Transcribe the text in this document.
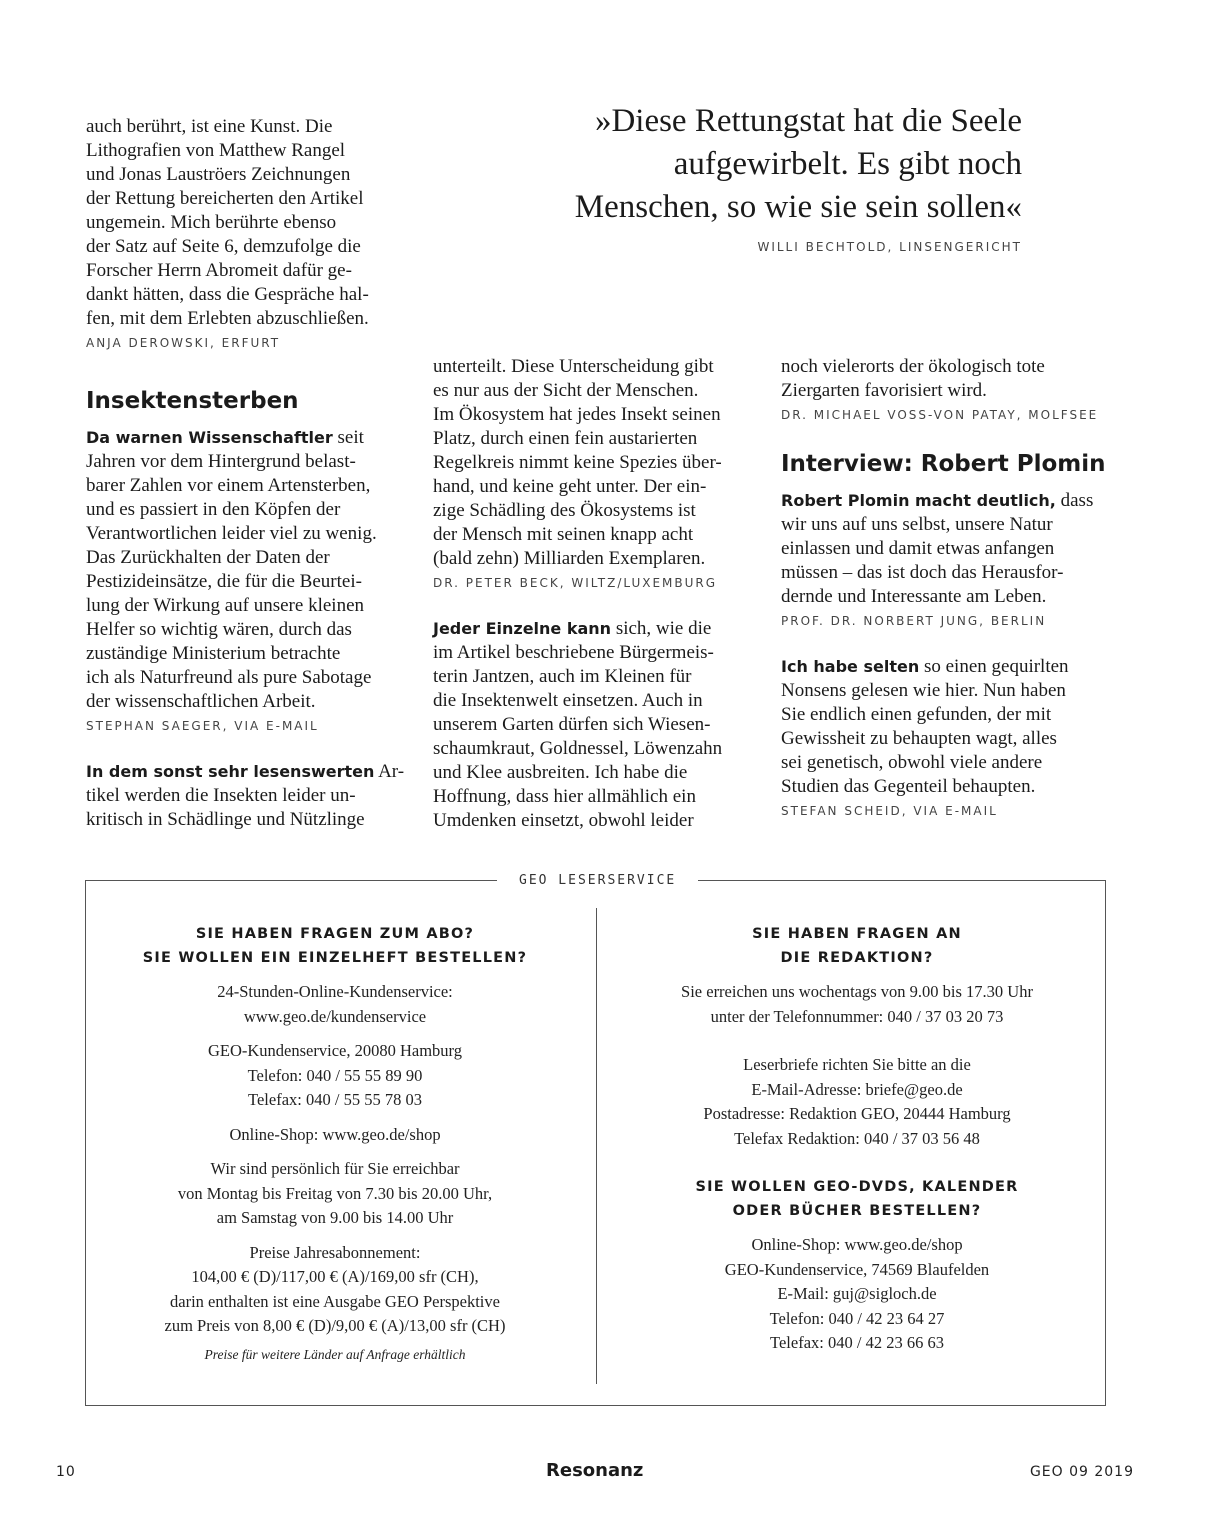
auch berührt, ist eine Kunst. Die
Lithografien von Matthew Rangel
und Jonas Lauströers Zeichnungen
der Rettung bereicherten den Artikel
ungemein. Mich berührte ebenso
der Satz auf Seite 6, demzufolge die
Forscher Herrn Abromeit dafür ge-
dankt hätten, dass die Gespräche hal-
fen, mit dem Erlebten abzuschließen.
ANJA DEROWSKI, ERFURT
»Diese Rettungstat hat die Seele
aufgewirbelt. Es gibt noch
Menschen, so wie sie sein sollen«
WILLI BECHTOLD, LINSENGERICHT
Insektensterben
Da warnen Wissenschaftler seit
Jahren vor dem Hintergrund belast-
barer Zahlen vor einem Artensterben,
und es passiert in den Köpfen der
Verantwortlichen leider viel zu wenig.
Das Zurückhalten der Daten der
Pestizideinsätze, die für die Beurtei-
lung der Wirkung auf unsere kleinen
Helfer so wichtig wären, durch das
zuständige Ministerium betrachte
ich als Naturfreund als pure Sabotage
der wissenschaftlichen Arbeit.
STEPHAN SAEGER, VIA E-MAIL
In dem sonst sehr lesenswerten Ar-
tikel werden die Insekten leider un-
kritisch in Schädlinge und Nützlinge
unterteilt. Diese Unterscheidung gibt
es nur aus der Sicht der Menschen.
Im Ökosystem hat jedes Insekt seinen
Platz, durch einen fein austarierten
Regelkreis nimmt keine Spezies über-
hand, und keine geht unter. Der ein-
zige Schädling des Ökosystems ist
der Mensch mit seinen knapp acht
(bald zehn) Milliarden Exemplaren.
DR. PETER BECK, WILTZ/LUXEMBURG
Jeder Einzelne kann sich, wie die
im Artikel beschriebene Bürgermeis-
terin Jantzen, auch im Kleinen für
die Insektenwelt einsetzen. Auch in
unserem Garten dürfen sich Wiesen-
schaumkraut, Goldnessel, Löwenzahn
und Klee ausbreiten. Ich habe die
Hoffnung, dass hier allmählich ein
Umdenken einsetzt, obwohl leider
noch vielerorts der ökologisch tote
Ziergarten favorisiert wird.
DR. MICHAEL VOSS-VON PATAY, MOLFSEE
Interview: Robert Plomin
Robert Plomin macht deutlich, dass
wir uns auf uns selbst, unsere Natur
einlassen und damit etwas anfangen
müssen – das ist doch das Herausfor-
dernde und Interessante am Leben.
PROF. DR. NORBERT JUNG, BERLIN
Ich habe selten so einen gequirlten
Nonsens gelesen wie hier. Nun haben
Sie endlich einen gefunden, der mit
Gewissheit zu behaupten wagt, alles
sei genetisch, obwohl viele andere
Studien das Gegenteil behaupten.
STEFAN SCHEID, VIA E-MAIL
GEO LESERSERVICE
SIE HABEN FRAGEN ZUM ABO?
SIE WOLLEN EIN EINZELHEFT BESTELLEN?
24-Stunden-Online-Kundenservice:
www.geo.de/kundenservice
GEO-Kundenservice, 20080 Hamburg
Telefon: 040 / 55 55 89 90
Telefax: 040 / 55 55 78 03
Online-Shop: www.geo.de/shop
Wir sind persönlich für Sie erreichbar
von Montag bis Freitag von 7.30 bis 20.00 Uhr,
am Samstag von 9.00 bis 14.00 Uhr
Preise Jahresabonnement:
104,00 € (D)/117,00 € (A)/169,00 sfr (CH),
darin enthalten ist eine Ausgabe GEO Perspektive
zum Preis von 8,00 € (D)/9,00 € (A)/13,00 sfr (CH)
Preise für weitere Länder auf Anfrage erhältlich
SIE HABEN FRAGEN AN
DIE REDAKTION?
Sie erreichen uns wochentags von 9.00 bis 17.30 Uhr
unter der Telefonnummer: 040 / 37 03 20 73
Leserbriefe richten Sie bitte an die
E-Mail-Adresse: briefe@geo.de
Postadresse: Redaktion GEO, 20444 Hamburg
Telefax Redaktion: 040 / 37 03 56 48
SIE WOLLEN GEO-DVDS, KALENDER
ODER BÜCHER BESTELLEN?
Online-Shop: www.geo.de/shop
GEO-Kundenservice, 74569 Blaufelden
E-Mail: guj@sigloch.de
Telefon: 040 / 42 23 64 27
Telefax: 040 / 42 23 66 63
10	Resonanz	GEO 09 2019
